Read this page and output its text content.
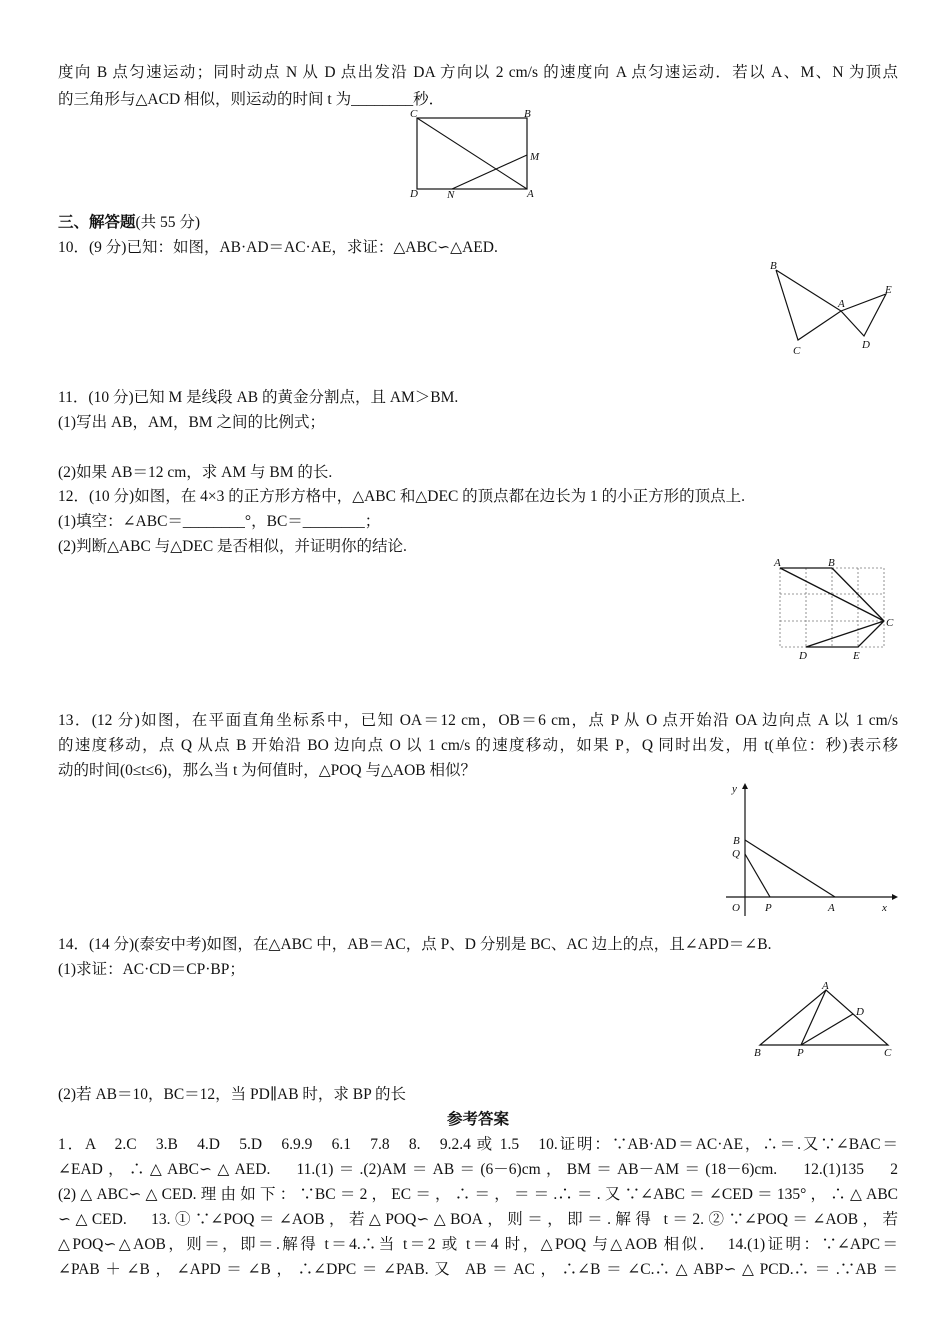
度向 B 点匀速运动；同时动点 N 从 D 点出发沿 DA 方向以 2 cm/s 的速度向 A 点匀速运动．若以 A、M、N 为顶点
的三角形与△ACD 相似，则运动的时间 t 为________秒．
C	B
M
D	N	A
三、解答题(共 55 分)
10．(9 分)已知：如图，AB·AD＝AC·AE，求证：△ABC∽△AED.
B
E
A
C	D
11．(10 分)已知 M 是线段 AB 的黄金分割点，且 AM＞BM.
(1)写出 AB，AM，BM 之间的比例式；
(2)如果 AB＝12 cm，求 AM 与 BM 的长.
12．(10 分)如图，在 4×3 的正方形方格中，△ABC 和△DEC 的顶点都在边长为 1 的小正方形的顶点上.
(1)填空：∠ABC＝________°，BC＝________；
(2)判断△ABC 与△DEC 是否相似，并证明你的结论.
A	B
C
D	E
13．(12 分)如图，在平面直角坐标系中，已知 OA＝12 cm，OB＝6 cm，点 P 从 O 点开始沿 OA 边向点 A 以 1 cm/s
的速度移动，点 Q 从点 B 开始沿 BO 边向点 O 以 1 cm/s 的速度移动，如果 P，Q 同时出发，用 t(单位：秒)表示移
动的时间(0≤t≤6)，那么当 t 为何值时，△POQ 与△AOB 相似？
y
B
Q
O P	A	x
14．(14 分)(泰安中考)如图，在△ABC 中，AB＝AC，点 P、D 分别是 BC、AC 边上的点，且∠APD＝∠B.
(1)求证：AC·CD＝CP·BP；
A
D
B	P	C
(2)若 AB＝10，BC＝12，当 PD∥AB 时，求 BP 的长
参考答案
1．A　2.C　3.B　4.D　5.D　6.9.9　6.1　7.8　8.　9.2.4 或 1.5　10.证明：∵AB·AD＝AC·AE，∴＝.又∵∠BAC＝
∠EAD，∴△ABC∽△AED.　11.(1)＝.(2)AM＝AB＝(6－6)cm，BM＝AB－AM＝(18－6)cm.　12.(1)135　2
(2)△ABC∽△CED.理由如下：∵BC＝2，EC＝，∴＝，＝＝.∴＝.又∵∠ABC＝∠CED＝135°，∴△ABC
∽△CED.　13.①∵∠POQ＝∠AOB，若△POQ∽△BOA，则＝，即＝.解得 t＝2.②∵∠POQ＝∠AOB，若
△POQ∽△AOB，则＝，即＝.解得 t＝4.∴当 t＝2 或 t＝4 时，△POQ 与△AOB 相似．　14.(1)证明：∵∠APC＝
∠PAB＋∠B，∠APD＝∠B，∴∠DPC＝∠PAB.又 AB＝AC，∴∠B＝∠C.∴△ABP∽△PCD.∴＝.∵AB＝
